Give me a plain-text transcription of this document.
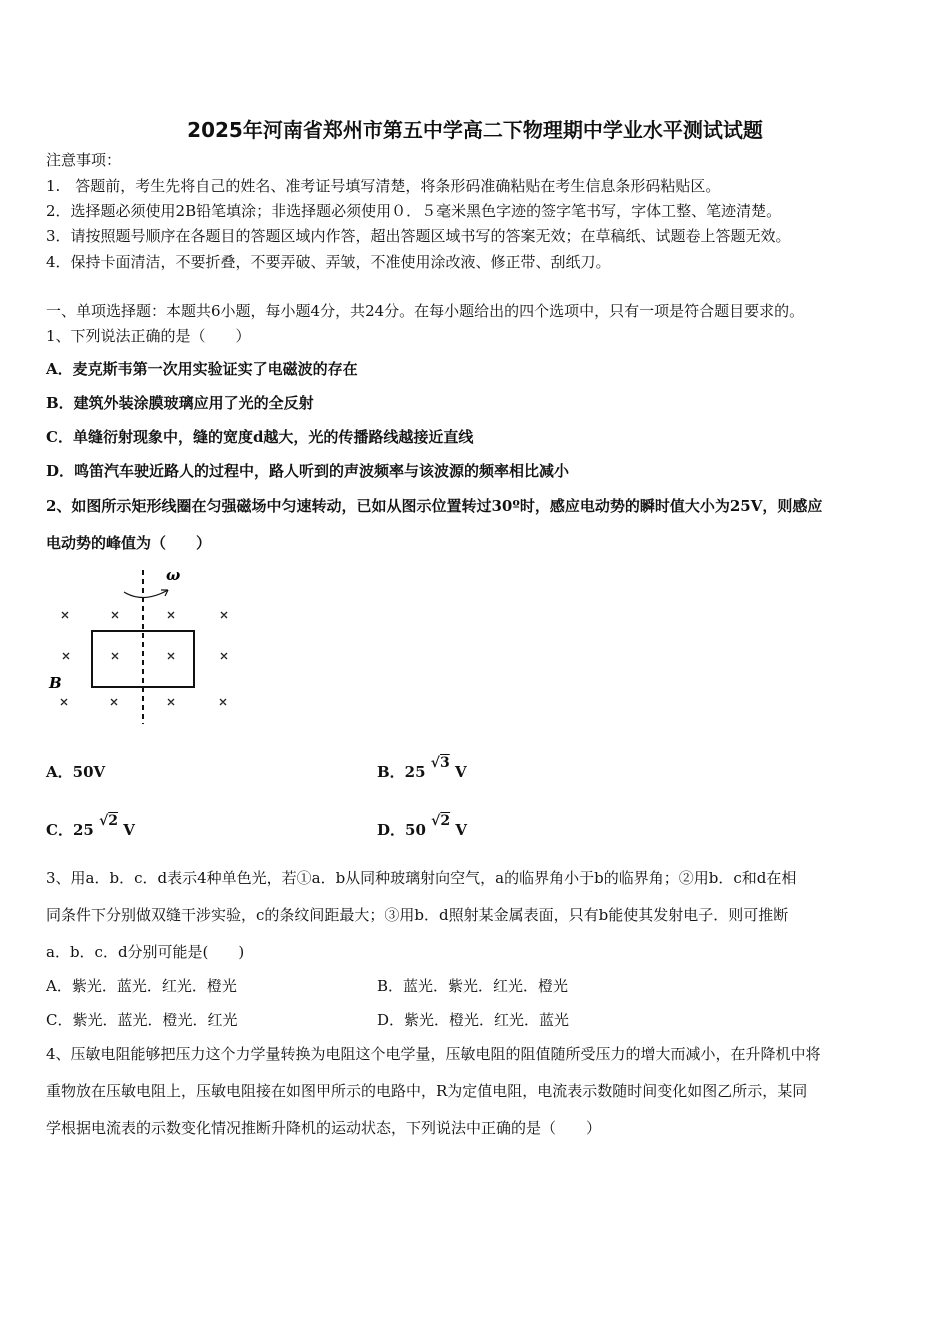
2025年河南省郑州市第五中学高二下物理期中学业水平测试试题
注意事项：
1.　答题前，考生先将自己的姓名、准考证号填写清楚，将条形码准确粘贴在考生信息条形码粘贴区。
2．选择题必须使用2B铅笔填涂；非选择题必须使用０．５毫米黑色字迹的签字笔书写，字体工整、笔迹清楚。
3．请按照题号顺序在各题目的答题区域内作答，超出答题区域书写的答案无效；在草稿纸、试题卷上答题无效。
4．保持卡面清洁，不要折叠，不要弄破、弄皱，不准使用涂改液、修正带、刮纸刀。
一、单项选择题：本题共6小题，每小题4分，共24分。在每小题给出的四个选项中，只有一项是符合题目要求的。
1、下列说法正确的是（　　）
A．麦克斯韦第一次用实验证实了电磁波的存在
B．建筑外装涂膜玻璃应用了光的全反射
C．单缝衍射现象中，缝的宽度d越大，光的传播路线越接近直线
D．鸣笛汽车驶近路人的过程中，路人听到的声波频率与该波源的频率相比减小
2、如图所示矩形线圈在匀强磁场中匀速转动，已如从图示位置转过30º时，感应电动势的瞬时值大小为25V，则感应
电动势的峰值为（　　）
ω
B
A．50V	B．25 √3 V
C．25 √2 V	D．50 √2 V
3、用a．b．c．d表示4种单色光，若①a．b从同种玻璃射向空气，a的临界角小于b的临界角；②用b．c和d在相
同条件下分别做双缝干涉实验，c的条纹间距最大；③用b．d照射某金属表面，只有b能使其发射电子．则可推断
a．b．c．d分别可能是(　　)
A．紫光．蓝光．红光．橙光	B．蓝光．紫光．红光．橙光
C．紫光．蓝光．橙光．红光	D．紫光．橙光．红光．蓝光
4、压敏电阻能够把压力这个力学量转换为电阻这个电学量，压敏电阻的阻值随所受压力的增大而减小，在升降机中将
重物放在压敏电阻上，压敏电阻接在如图甲所示的电路中，R为定值电阻，电流表示数随时间变化如图乙所示，某同
学根据电流表的示数变化情况推断升降机的运动状态，下列说法中正确的是（　　）
